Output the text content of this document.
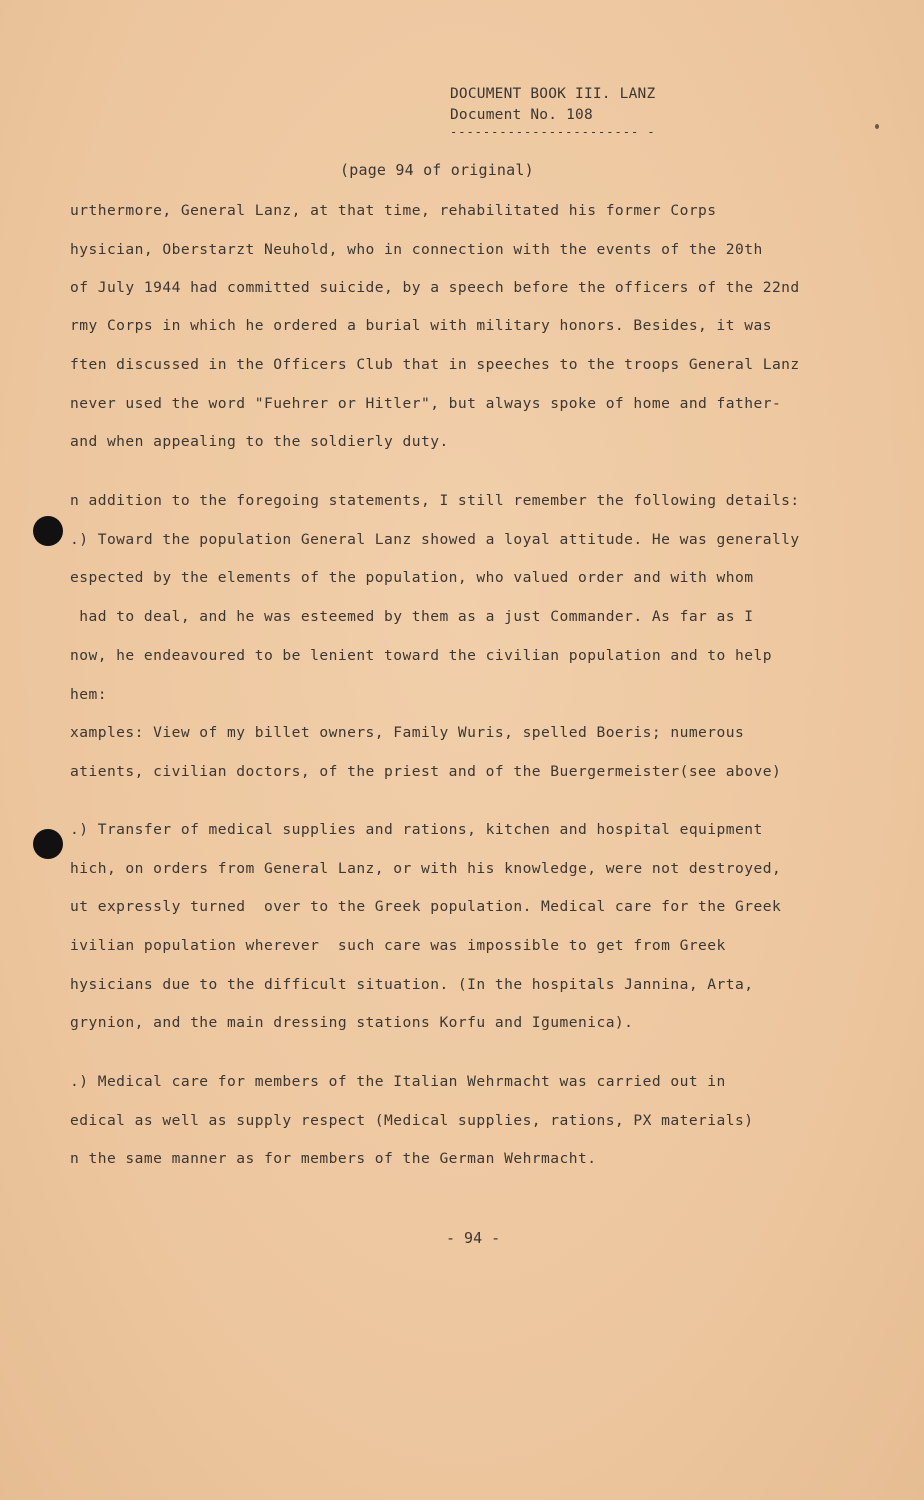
DOCUMENT BOOK III. LANZ
Document No. 108
----------------------- -
(page 94 of original)
urthermore, General Lanz, at that time, rehabilitated his former Corps
hysician, Oberstarzt Neuhold, who in connection with the events of the 20th
of July 1944 had committed suicide, by a speech before the officers of the 22nd
rmy Corps in which he ordered a burial with military honors. Besides, it was
ften discussed in the Officers Club that in speeches to the troops General Lanz
never used the word "Fuehrer or Hitler", but always spoke of home and father-
and when appealing to the soldierly duty.
n addition to the foregoing statements, I still remember the following details:
.) Toward the population General Lanz showed a loyal attitude. He was generally
espected by the elements of the population, who valued order and with whom
had to deal, and he was esteemed by them as a just Commander. As far as I
now, he endeavoured to be lenient toward the civilian population and to help
hem:
xamples: View of my billet owners, Family Wuris, spelled Boeris; numerous
atients, civilian doctors, of the priest and of the Buergermeister(see above)
.) Transfer of medical supplies and rations, kitchen and hospital equipment
hich, on orders from General Lanz, or with his knowledge, were not destroyed,
ut expressly turned  over to the Greek population. Medical care for the Greek
ivilian population wherever  such care was impossible to get from Greek
hysicians due to the difficult situation. (In the hospitals Jannina, Arta,
grynion, and the main dressing stations Korfu and Igumenica).
.) Medical care for members of the Italian Wehrmacht was carried out in
edical as well as supply respect (Medical supplies, rations, PX materials)
n the same manner as for members of the German Wehrmacht.
- 94 -
